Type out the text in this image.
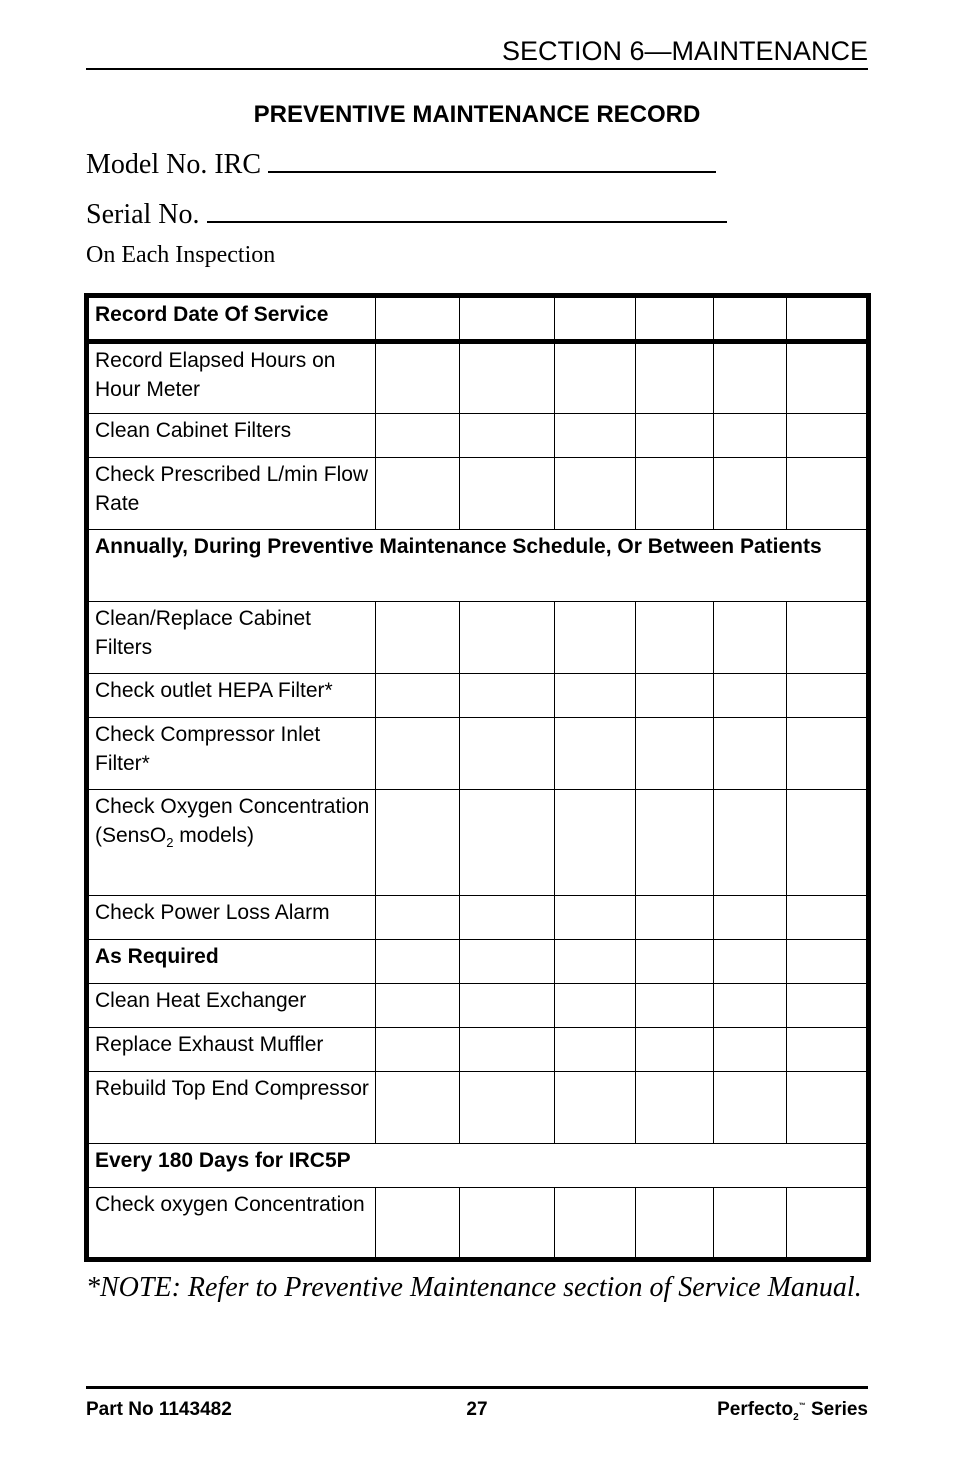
SECTION 6—MAINTENANCE
PREVENTIVE MAINTENANCE RECORD
Model No. IRC
Serial No.
On Each Inspection
Record Date Of Service						
Record Elapsed Hours on Hour Meter						
Clean Cabinet Filters						
Check Prescribed L/min Flow Rate						
Annually, During Preventive Maintenance Schedule, Or Between Patients						
Clean/Replace Cabinet Filters						
Check outlet HEPA Filter*						
Check Compressor Inlet Filter*						
Check Oxygen Concentration (SensO$_2$ models)						
Check Power Loss Alarm						
As Required						
Clean Heat Exchanger						
Replace Exhaust Muffler						
Rebuild Top End Compressor						
Every 180 Days for IRC5P						
Check oxygen Concentration						
*NOTE: Refer to Preventive Maintenance section of Service Manual.
Part No 1143482	27	Perfecto$_2$™ Series
